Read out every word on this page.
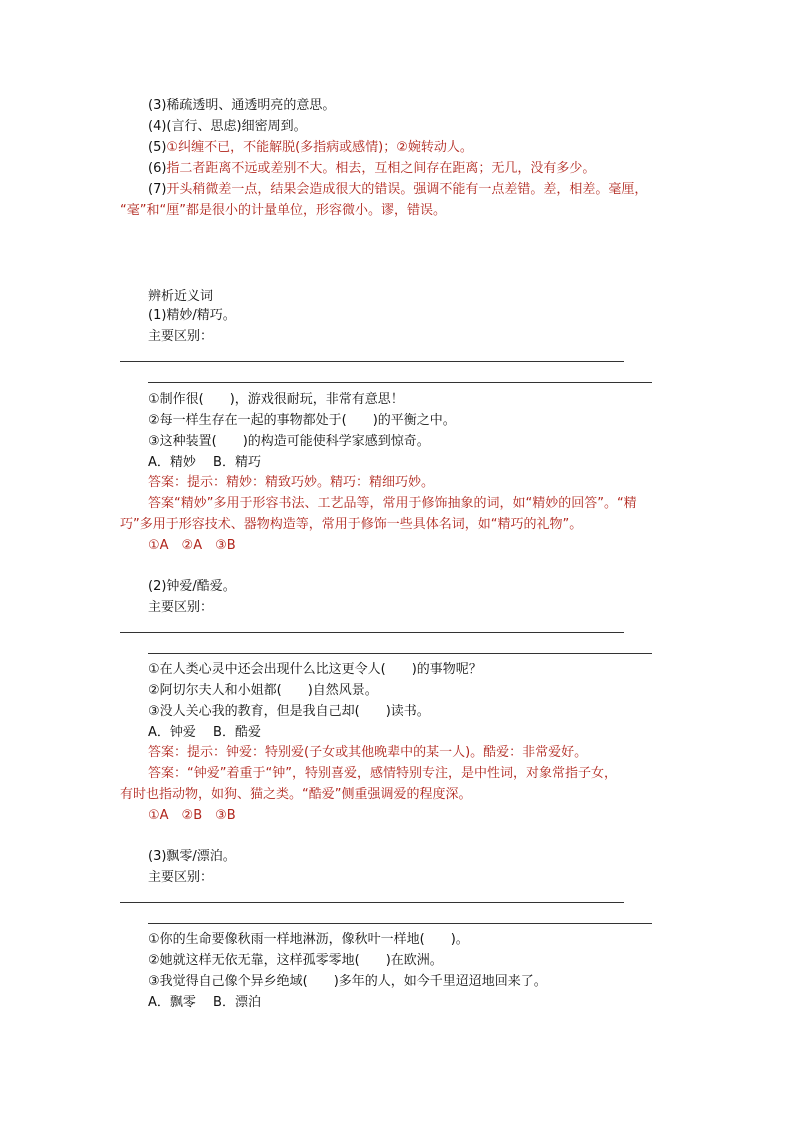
(3)稀疏透明、通透明亮的意思。
(4)(言行、思虑)细密周到。
(5)①纠缠不已，不能解脱(多指病或感情)；②婉转动人。
(6)指二者距离不远或差别不大。相去，互相之间存在距离；无几，没有多少。
(7)开头稍微差一点，结果会造成很大的错误。强调不能有一点差错。差，相差。毫厘，
“毫”和“厘”都是很小的计量单位，形容微小。谬，错误。
辨析近义词
(1)精妙/精巧。
主要区别：
①制作很(　　)，游戏很耐玩，非常有意思！
②每一样生存在一起的事物都处于(　　)的平衡之中。
③这种装置(　　)的构造可能使科学家感到惊奇。
A．精妙　 B．精巧
答案：提示：精妙：精致巧妙。精巧：精细巧妙。
答案“精妙”多用于形容书法、工艺品等，常用于修饰抽象的词，如“精妙的回答”。“精
巧”多用于形容技术、器物构造等，常用于修饰一些具体名词，如“精巧的礼物”。
①A　②A　③B
(2)钟爱/酷爱。
主要区别：
①在人类心灵中还会出现什么比这更令人(　　)的事物呢？
②阿切尔夫人和小姐都(　　)自然风景。
③没人关心我的教育，但是我自己却(　　)读书。
A．钟爱　 B．酷爱
答案：提示：钟爱：特别爱(子女或其他晚辈中的某一人)。酷爱：非常爱好。
答案：“钟爱”着重于“钟”，特别喜爱，感情特别专注，是中性词，对象常指子女，
有时也指动物，如狗、猫之类。“酷爱”侧重强调爱的程度深。
①A　②B　③B
(3)飘零/漂泊。
主要区别：
①你的生命要像秋雨一样地淋沥，像秋叶一样地(　　)。
②她就这样无依无靠，这样孤零零地(　　)在欧洲。
③我觉得自己像个异乡绝域(　　)多年的人，如今千里迢迢地回来了。
A．飘零　 B．漂泊
